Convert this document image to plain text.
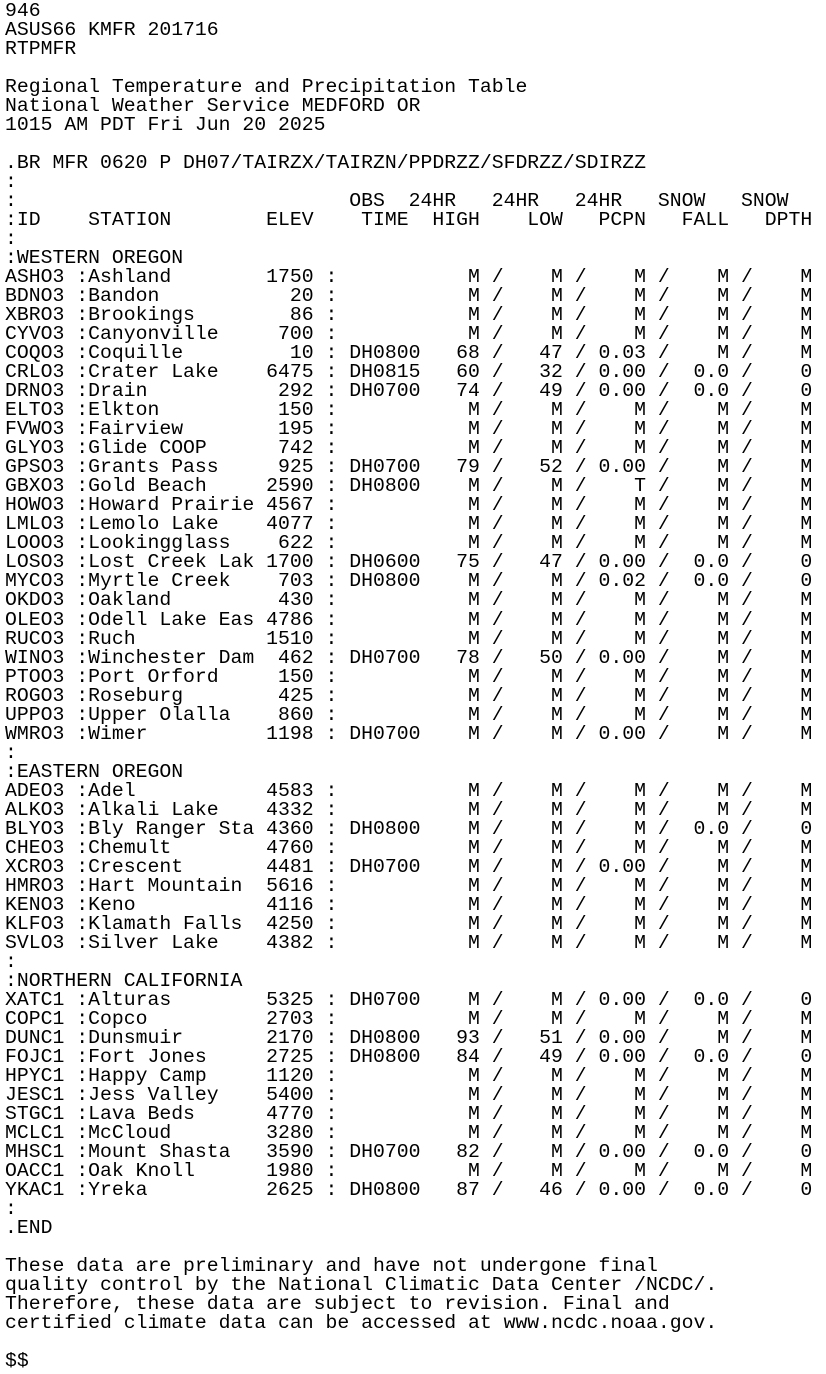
946
ASUS66 KMFR 201716
RTPMFR
Regional Temperature and Precipitation Table
National Weather Service MEDFORD OR
1015 AM PDT Fri Jun 20 2025
.BR MFR 0620 P DH07/TAIRZX/TAIRZN/PPDRZZ/SFDRZZ/SDIRZZ
:
:                            OBS  24HR   24HR   24HR   SNOW   SNOW
:ID    STATION        ELEV    TIME  HIGH    LOW   PCPN   FALL   DPTH
:
:WESTERN OREGON
ASHO3 :Ashland        1750 :           M /    M /    M /    M /    M
BDNO3 :Bandon           20 :           M /    M /    M /    M /    M
XBRO3 :Brookings        86 :           M /    M /    M /    M /    M
CYVO3 :Canyonville     700 :           M /    M /    M /    M /    M
COQO3 :Coquille         10 : DH0800   68 /   47 / 0.03 /    M /    M
CRLO3 :Crater Lake    6475 : DH0815   60 /   32 / 0.00 /  0.0 /    0
DRNO3 :Drain           292 : DH0700   74 /   49 / 0.00 /  0.0 /    0
ELTO3 :Elkton          150 :           M /    M /    M /    M /    M
FVWO3 :Fairview        195 :           M /    M /    M /    M /    M
GLYO3 :Glide COOP      742 :           M /    M /    M /    M /    M
GPSO3 :Grants Pass     925 : DH0700   79 /   52 / 0.00 /    M /    M
GBXO3 :Gold Beach     2590 : DH0800    M /    M /    T /    M /    M
HOWO3 :Howard Prairie 4567 :           M /    M /    M /    M /    M
LMLO3 :Lemolo Lake    4077 :           M /    M /    M /    M /    M
LOOO3 :Lookingglass    622 :           M /    M /    M /    M /    M
LOSO3 :Lost Creek Lak 1700 : DH0600   75 /   47 / 0.00 /  0.0 /    0
MYCO3 :Myrtle Creek    703 : DH0800    M /    M / 0.02 /  0.0 /    0
OKDO3 :Oakland         430 :           M /    M /    M /    M /    M
OLEO3 :Odell Lake Eas 4786 :           M /    M /    M /    M /    M
RUCO3 :Ruch           1510 :           M /    M /    M /    M /    M
WINO3 :Winchester Dam  462 : DH0700   78 /   50 / 0.00 /    M /    M
PTOO3 :Port Orford     150 :           M /    M /    M /    M /    M
ROGO3 :Roseburg        425 :           M /    M /    M /    M /    M
UPPO3 :Upper Olalla    860 :           M /    M /    M /    M /    M
WMRO3 :Wimer          1198 : DH0700    M /    M / 0.00 /    M /    M
:
:EASTERN OREGON
ADEO3 :Adel           4583 :           M /    M /    M /    M /    M
ALKO3 :Alkali Lake    4332 :           M /    M /    M /    M /    M
BLYO3 :Bly Ranger Sta 4360 : DH0800    M /    M /    M /  0.0 /    0
CHEO3 :Chemult        4760 :           M /    M /    M /    M /    M
XCRO3 :Crescent       4481 : DH0700    M /    M / 0.00 /    M /    M
HMRO3 :Hart Mountain  5616 :           M /    M /    M /    M /    M
KENO3 :Keno           4116 :           M /    M /    M /    M /    M
KLFO3 :Klamath Falls  4250 :           M /    M /    M /    M /    M
SVLO3 :Silver Lake    4382 :           M /    M /    M /    M /    M
:
:NORTHERN CALIFORNIA
XATC1 :Alturas        5325 : DH0700    M /    M / 0.00 /  0.0 /    0
COPC1 :Copco          2703 :           M /    M /    M /    M /    M
DUNC1 :Dunsmuir       2170 : DH0800   93 /   51 / 0.00 /    M /    M
FOJC1 :Fort Jones     2725 : DH0800   84 /   49 / 0.00 /  0.0 /    0
HPYC1 :Happy Camp     1120 :           M /    M /    M /    M /    M
JESC1 :Jess Valley    5400 :           M /    M /    M /    M /    M
STGC1 :Lava Beds      4770 :           M /    M /    M /    M /    M
MCLC1 :McCloud        3280 :           M /    M /    M /    M /    M
MHSC1 :Mount Shasta   3590 : DH0700   82 /    M / 0.00 /  0.0 /    0
OACC1 :Oak Knoll      1980 :           M /    M /    M /    M /    M
YKAC1 :Yreka          2625 : DH0800   87 /   46 / 0.00 /  0.0 /    0
:
.END
These data are preliminary and have not undergone final
quality control by the National Climatic Data Center /NCDC/.
Therefore, these data are subject to revision. Final and
certified climate data can be accessed at www.ncdc.noaa.gov.
$$
